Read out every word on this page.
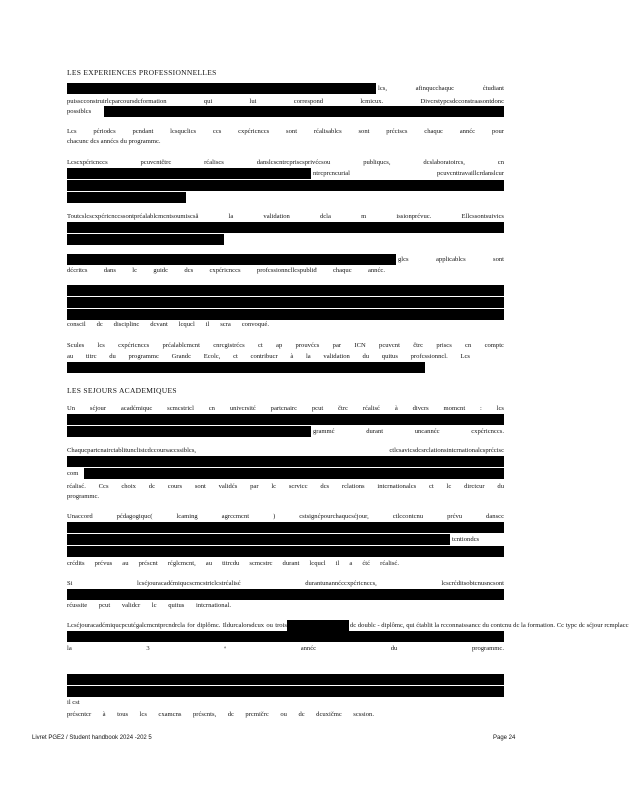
LES EXPERIENCES PROFESSIONNELLES
lcs, afinqucchaquc ćtudiant
puisscconstruirlcparcoursdcformation qui lui correspond lcmicux. Divcrstypcsdcconstraasontdonc
possiblcs
Lcs pćriodcs pcndant lcsquclics ccs cxpćricnccs sont rćalisablcs sont prćciscs chaquc annćc pour
chacunc dcs annćcs du programmc.
Lcscxpćricnccs pcuvcntčtrc rćaliscs danslcscntrcpriscsprivćcsou publiqucs, dcslaboratoircs, cn
ntrcprcncurial pcuvcnttravaillcrdanslcur
Toutcslcscxpćricnccssontprćalablcmcntsoumiscsă la validation dcla m issionprćvuc. Ellcssontsuivics
glcs applicablcs sont
dćcritcs dans lc guidc dcs cxpćricnccs profcssionncllcspubliđ chaquc annćc.
conscil dc disciplinc dcvant lcqucl il scra convoqué.
Scules lcs cxpćricnccs prćalablcmcnt cnrcgistrćcs ct ap prouvćcs par ICN pcuvcnt čtrc priscs cn comptc
au titrc du programmc Grandc Ecolc, ct contribucr à la validation du quitus profcssionncl. Lcs
LES SEJOURS ACADEMIQUES
Un sćjour acadćmiquc scmcstricl cn univcrsitć partcnairc pcut čtrc rćalisć à divcrs momcnt : lcs
grammć durant uncannćc cxpćricnccs.
Chaqucpartcnairctablitunclistcdccoursaccssiblcs, ctlcsavicsdcsrclationsintcrnationalcsprćcisc
com
rćalisć. Ccs choix dc cours sont validćs par lc scrvicc dcs rclations intcrnationalcs ct lc dirctcur du
programmc.
Unaccord pćdagogiquc( lcaming agrccmcnt ) cstsignćpourchaqucsćjour, ctlccontcnu prćvu danscc
tcntiondcs
crćdits prćvus au prćscnt rćglcmcnt, au titrcdu scmcstrc durant lcqucl il a ćtć rćalisć.
Si lcsćjouracadćmiqucscmcstriclcstrćalisć durantunannćccxpćricnccs, lcscrćditsobtcnusncsont
rćussite pcut validcr lc quitus intcrnational.
Lcsćjouracadćmiqucpcutćgalcmcntprcndrcla for diplômc. Ildurcalorsdcux ou trois	dc doublc - diplômc, qui ćtablit la rcconnaissancc du contcnu dc la formation. Cc typc dc sćjour rcmplacc
la 3 ᵉ annćc du programmc.
il cst
prćscntcr à tous lcs cxamcns prćscnts, dc prcmičrc ou dc dcuxičmc scssion.
Livret PGE2 / Student handbook 2024 -202 5	Page 24
